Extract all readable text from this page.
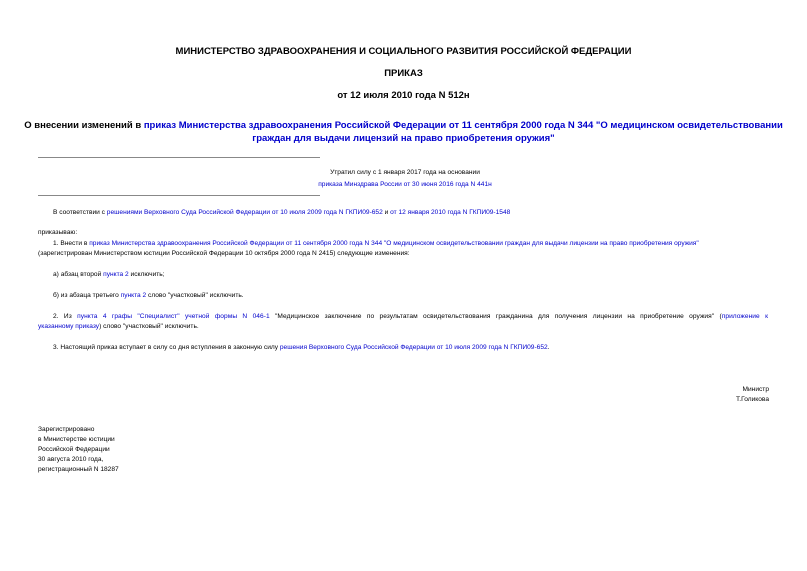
МИНИСТЕРСТВО ЗДРАВООХРАНЕНИЯ И СОЦИАЛЬНОГО РАЗВИТИЯ РОССИЙСКОЙ ФЕДЕРАЦИИ
ПРИКАЗ
от 12 июля 2010 года N 512н
О внесении изменений в приказ Министерства здравоохранения Российской Федерации от 11 сентября 2000 года N 344 "О медицинском освидетельствовании
граждан для выдачи лицензий на право приобретения оружия"
Утратил силу с 1 января 2017 года на основании
приказа Минздрава России от 30 июня 2016 года N 441н
В соответствии с решениями Верховного Суда Российской Федерации от 10 июля 2009 года N ГКПИ09-652 и от 12 января 2010 года N ГКПИ09-1548
приказываю:
1. Внести в приказ Министерства здравоохранения Российской Федерации от 11 сентября 2000 года N 344 "О медицинском освидетельствовании граждан для выдачи лицензии на право приобретения оружия"
(зарегистрирован Министерством юстиции Российской Федерации 10 октября 2000 года N 2415) следующие изменения:
а) абзац второй пункта 2 исключить;
б) из абзаца третьего пункта 2 слово "участковый" исключить.
2. Из пункта 4 графы "Специалист" учетной формы N 046-1 "Медицинское заключение по результатам освидетельствования гражданина для получения лицензии на приобретение оружия" (приложение к
указанному приказу) слово "участковый" исключить.
3. Настоящий приказ вступает в силу со дня вступления в законную силу решения Верховного Суда Российской Федерации от 10 июля 2009 года N ГКПИ09-652.
Министр
Т.Голикова
Зарегистрировано
в Министерстве юстиции
Российской Федерации
30 августа 2010 года,
регистрационный N 18287
